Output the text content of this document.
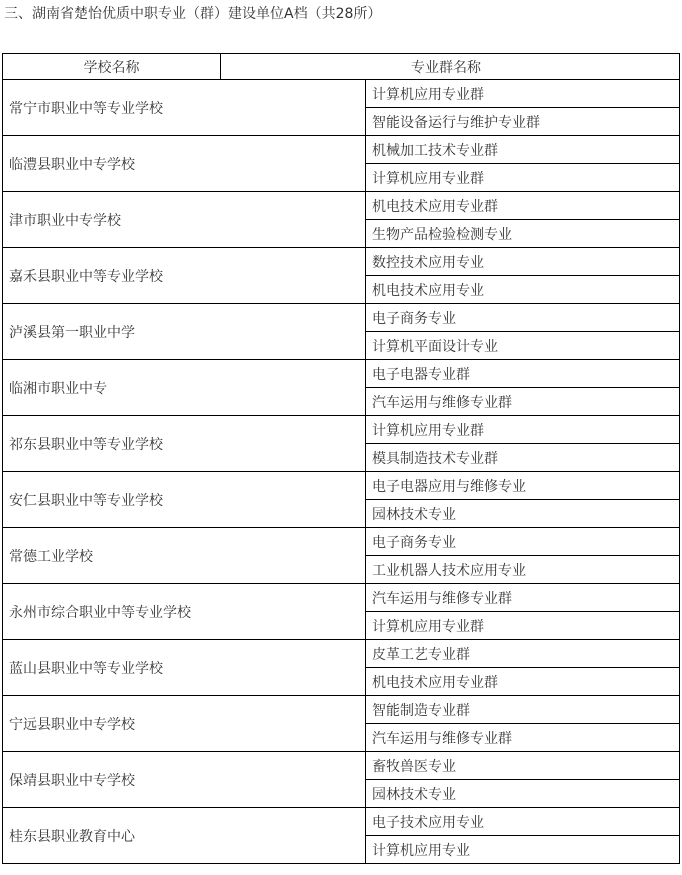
三、湖南省楚怡优质中职专业（群）建设单位A档（共28所）
学校名称	专业群名称	
常宁市职业中等专业学校		计算机应用专业群
		智能设备运行与维护专业群
临澧县职业中专学校		机械加工技术专业群
		计算机应用专业群
津市职业中专学校		机电技术应用专业群
		生物产品检验检测专业
嘉禾县职业中等专业学校		数控技术应用专业
		机电技术应用专业
泸溪县第一职业中学		电子商务专业
		计算机平面设计专业
临湘市职业中专		电子电器专业群
		汽车运用与维修专业群
祁东县职业中等专业学校		计算机应用专业群
		模具制造技术专业群
安仁县职业中等专业学校		电子电器应用与维修专业
		园林技术专业
常德工业学校		电子商务专业
		工业机器人技术应用专业
永州市综合职业中等专业学校		汽车运用与维修专业群
		计算机应用专业群
蓝山县职业中等专业学校		皮革工艺专业群
		机电技术应用专业群
宁远县职业中专学校		智能制造专业群
		汽车运用与维修专业群
保靖县职业中专学校		畜牧兽医专业
		园林技术专业
桂东县职业教育中心		电子技术应用专业
		计算机应用专业
